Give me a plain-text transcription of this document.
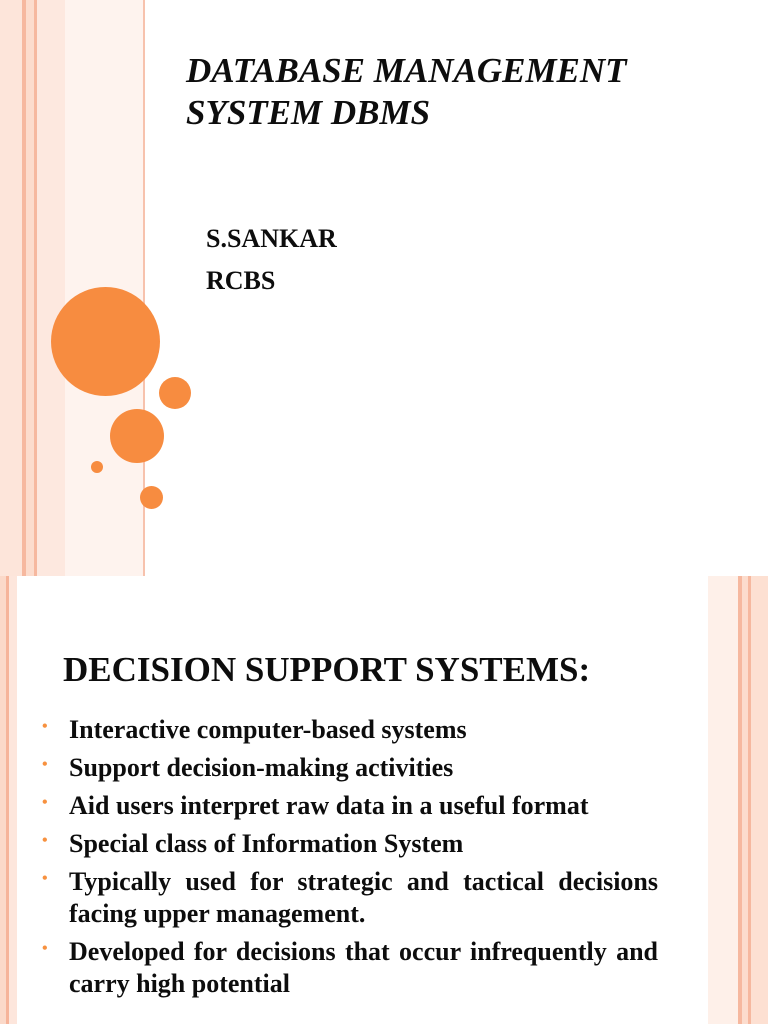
DATABASE MANAGEMENT
SYSTEM DBMS
S.SANKAR
RCBS
DECISION SUPPORT SYSTEMS:
• Interactive computer-based systems
• Support decision-making activities
• Aid users interpret raw data in a useful format
• Special class of Information System
• Typically used for strategic and tactical decisions facing upper management.
• Developed for decisions that occur infrequently and carry high potential
